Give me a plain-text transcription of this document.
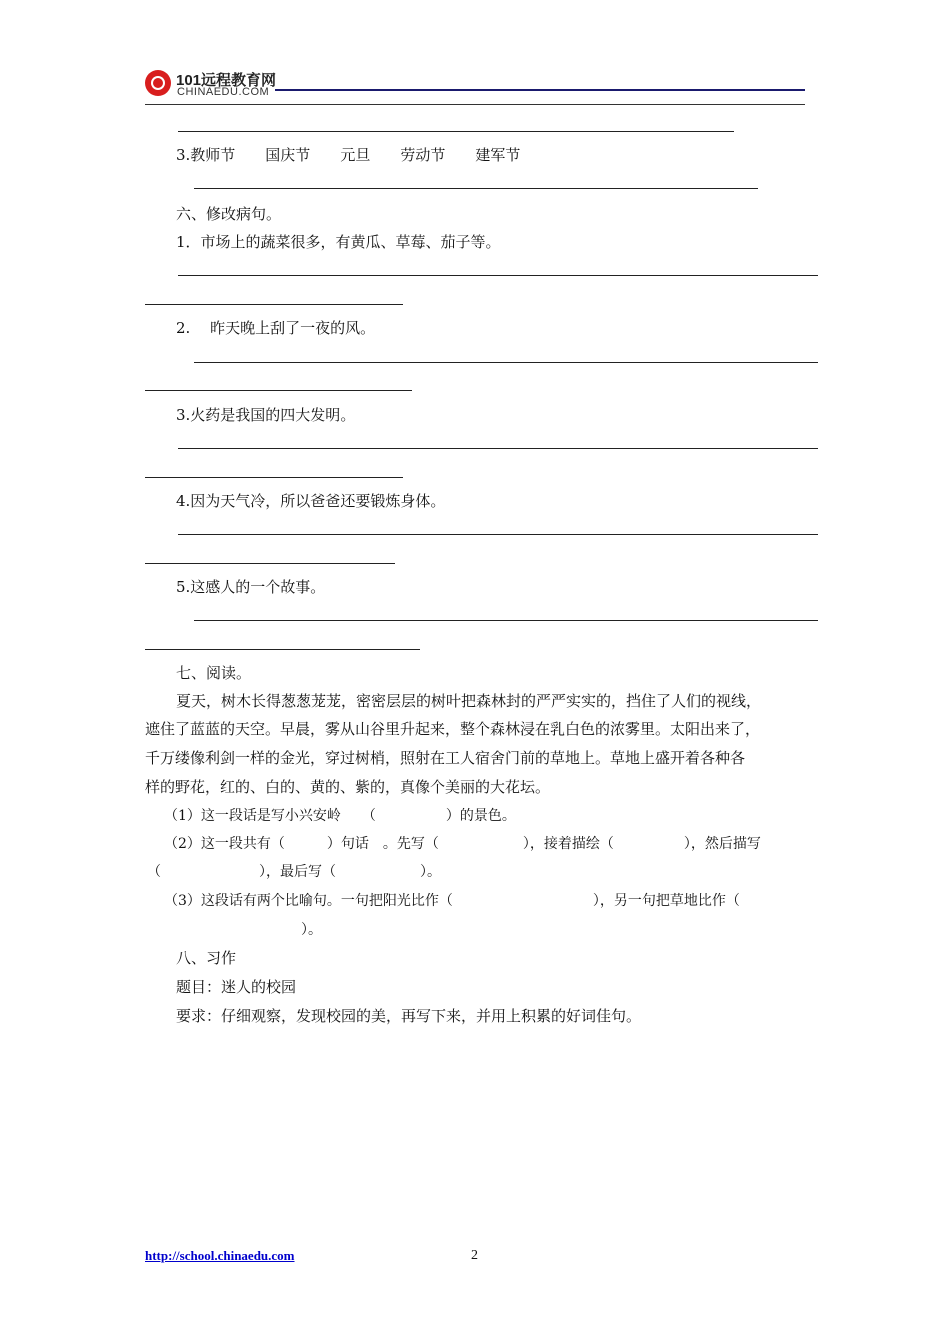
101远程教育网
CHINAEDU.COM
3.教师节　　国庆节　　元旦　　劳动节　　建军节
六、修改病句。
1．市场上的蔬菜很多，有黄瓜、草莓、茄子等。
2.　 昨天晚上刮了一夜的风。
3.火药是我国的四大发明。
4.因为天气冷，所以爸爸还要锻炼身体。
5.这感人的一个故事。
七、阅读。
夏天，树木长得葱葱茏茏，密密层层的树叶把森林封的严严实实的，挡住了人们的视线，
遮住了蓝蓝的天空。早晨，雾从山谷里升起来，整个森林浸在乳白色的浓雾里。太阳出来了，
千万缕像利剑一样的金光，穿过树梢，照射在工人宿舍门前的草地上。草地上盛开着各种各
样的野花，红的、白的、黄的、紫的，真像个美丽的大花坛。
（1）这一段话是写小兴安岭　　（　　　　　）的景色。
（2）这一段共有（　　　）句话　。先写（　　　　　　），接着描绘（　　　　　），然后描写
（　　　　　　　），最后写（　　　　　　）。
（3）这段话有两个比喻句。一句把阳光比作（　　　　　　　　　　），另一句把草地比作（
　　　　　　　　　　　）。
八、习作
题目：迷人的校园
要求：仔细观察，发现校园的美，再写下来，并用上积累的好词佳句。
http://school.chinaedu.com	2
